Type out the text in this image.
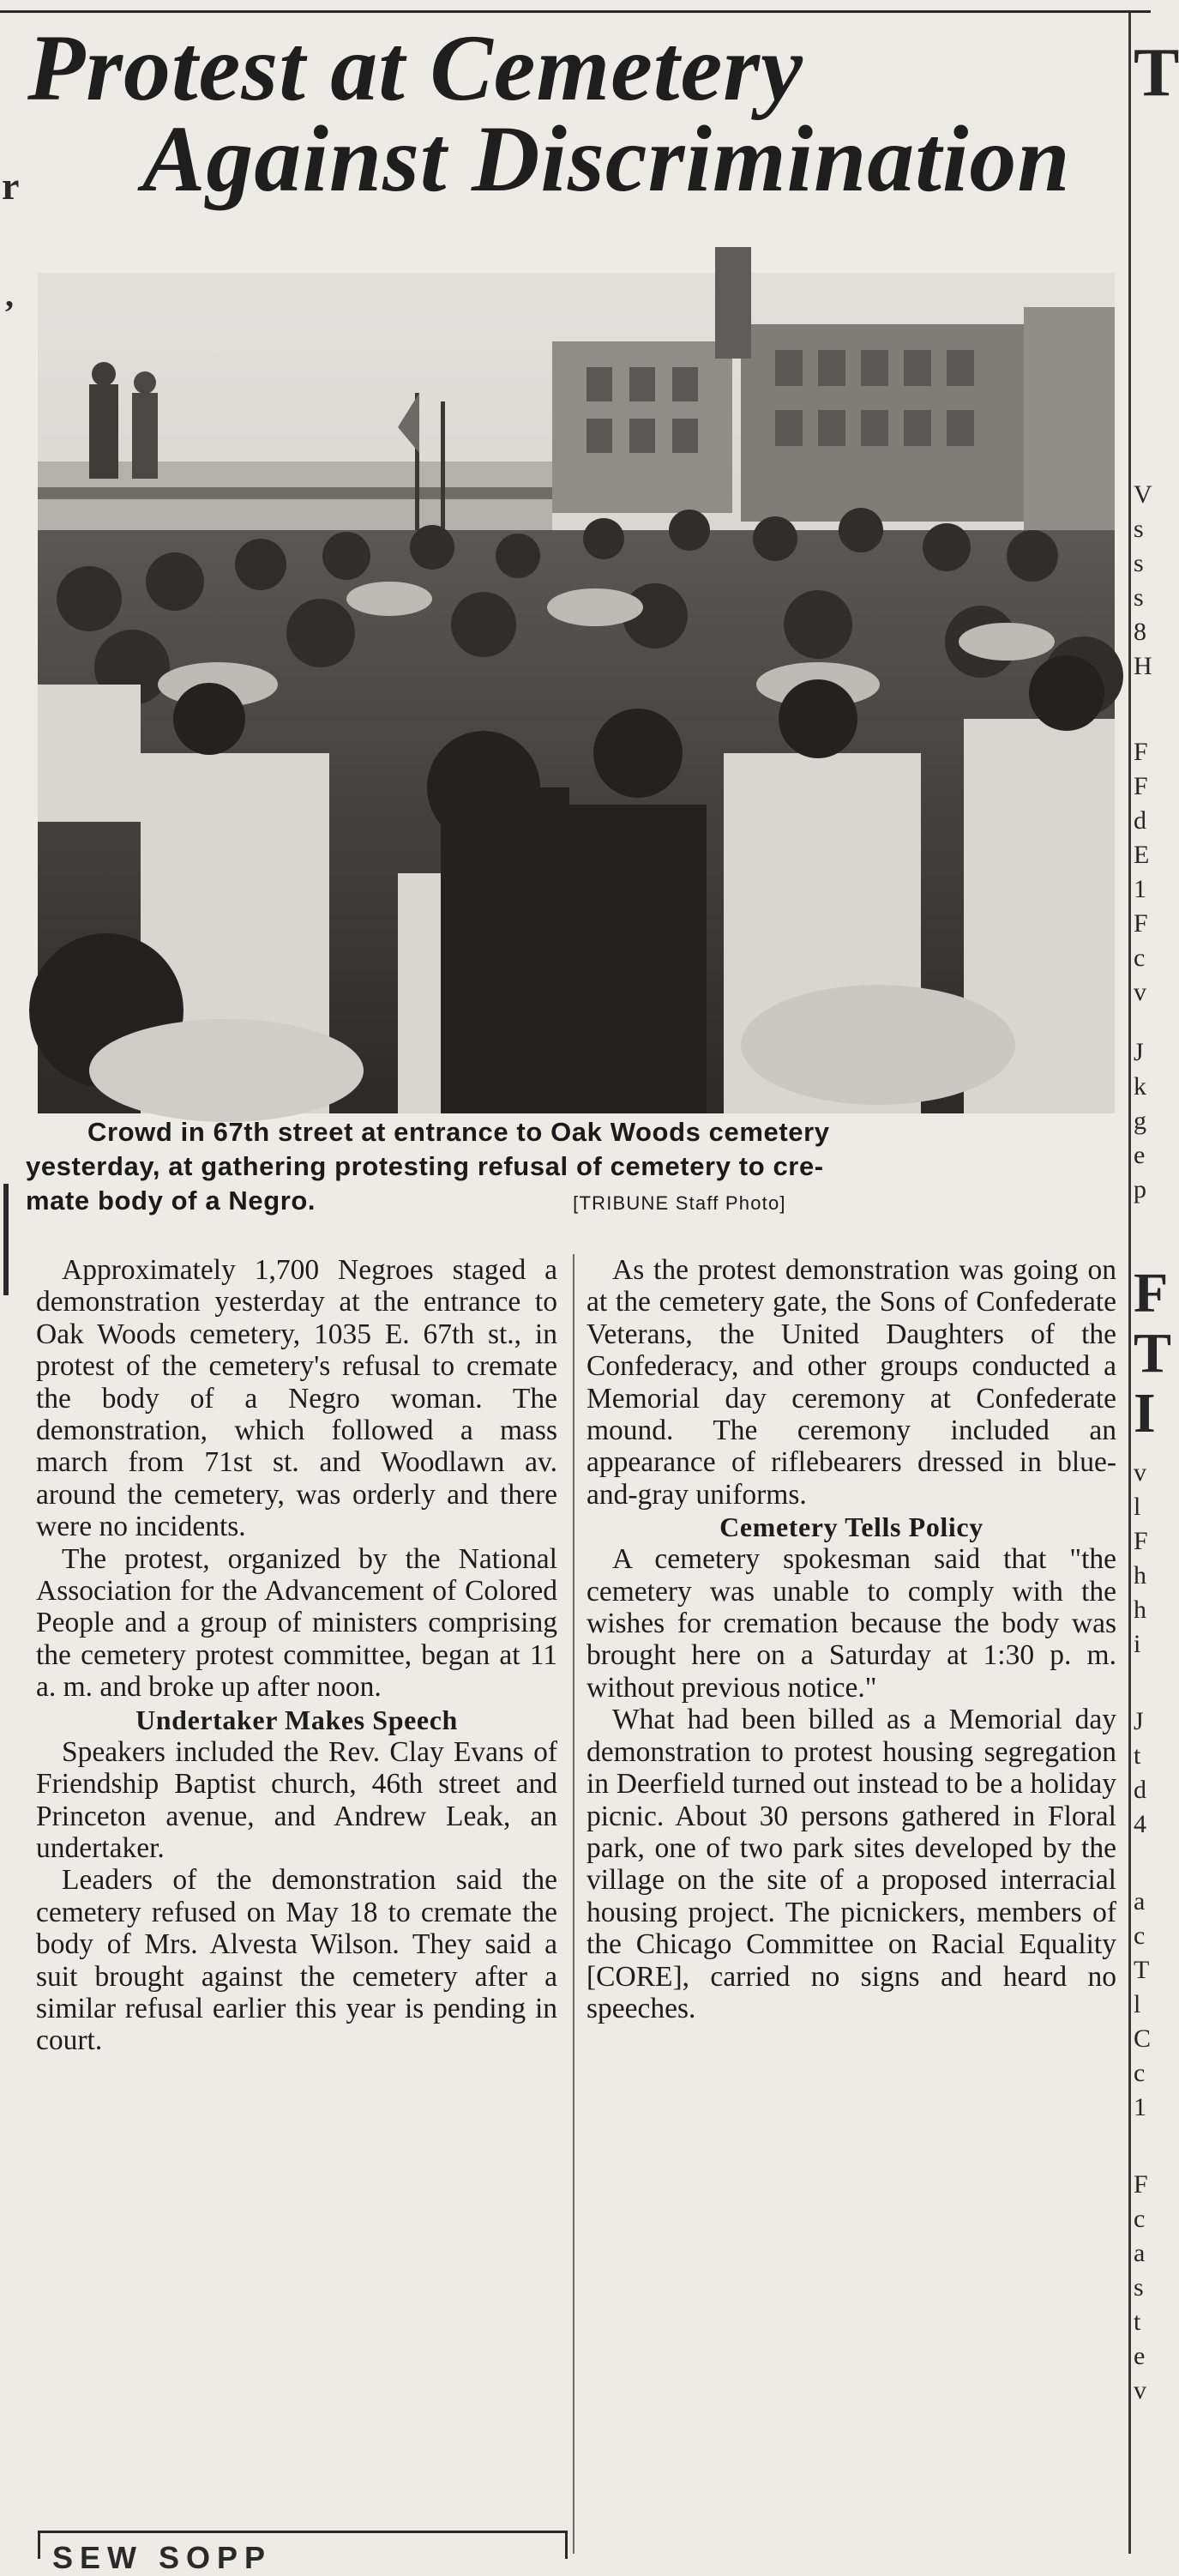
r
,
T
V
s
s
s
8
H
F
F
d
E
1
F
c
v
J
k
g
e
p
F
T
I
v
l
F
h
h
i
J
t
d
4
a
c
T
l
C
c
1
F
c
a
s
t
e
v
Protest at Cemetery
Against Discrimination

Crowd in 67th street at entrance to Oak Woods cemetery

yesterday, at gathering protesting refusal of cemetery to cre-

mate body of a Negro.	[TRIBUNE Staff Photo]

Approximately 1,700 Negroes staged a demonstration yesterday at the entrance to Oak Woods cemetery, 1035 E. 67th st., in protest of the cemetery's refusal to cremate the body of a Negro woman. The demonstration, which followed a mass march from 71st st. and Woodlawn av. around the cemetery, was orderly and there were no incidents.

The protest, organized by the National Association for the Advancement of Colored People and a group of ministers comprising the cemetery protest committee, began at 11 a. m. and broke up after noon.

Undertaker Makes Speech

Speakers included the Rev. Clay Evans of Friendship Baptist church, 46th street and Princeton avenue, and Andrew Leak, an undertaker.

Leaders of the demonstration said the cemetery refused on May 18 to cremate the body of Mrs. Alvesta Wilson. They said a suit brought against the cemetery after a similar refusal earlier this year is pending in court.

As the protest demonstration was going on at the cemetery gate, the Sons of Confederate Veterans, the United Daughters of the Confederacy, and other groups conducted a Memorial day ceremony at Confederate mound. The ceremony included an appearance of riflebearers dressed in blue-and-gray uniforms.

Cemetery Tells Policy

A cemetery spokesman said that "the cemetery was unable to comply with the wishes for cremation because the body was brought here on a Saturday at 1:30 p. m. without previous notice."

What had been billed as a Memorial day demonstration to protest housing segregation in Deerfield turned out instead to be a holiday picnic. About 30 persons gathered in Floral park, one of two park sites developed by the village on the site of a proposed interracial housing project. The picnickers, members of the Chicago Committee on Racial Equality [CORE], carried no signs and heard no speeches.

SEW SOPP
